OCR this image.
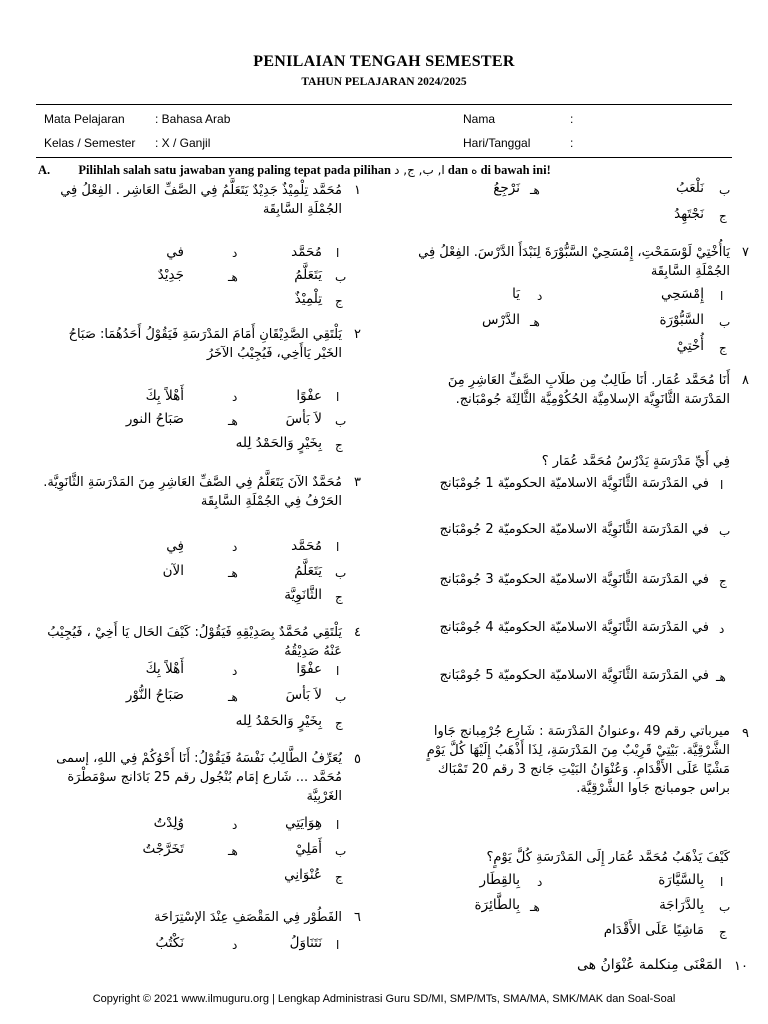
PENILAIAN TENGAH SEMESTER
TAHUN PELAJARAN 2024/2025
Mata Pelajaran	: Bahasa Arab
Kelas / Semester : X / Ganjil
Nama	:
Hari/Tanggal	:
A. Pilihlah salah satu jawaban yang paling tepat pada pilihan ا, ب, ج, د dan ه di bawah ini!
١
مُحَمَّد تِلْمِيْذٌ جَدِيْدٌ يَتَعَلَّمُ فِي الصَّفِّ العَاشِر . الفِعْلُ فِي الجُمْلَةِ السَّابِقَة
ا
مُحَمَّد
ب
يَتَعَلَّمُ
ج
تِلْمِيْذٌ
د
في
هـ
جَدِيْدٌ
٢
يَلْتَقِي الصَّدِيْقَانِ أَمَامَ المَدْرَسَةِ فَيَقُوْلُ أَحَدُهُمَا: صَبَاحُ الخَيْر يَاأَخِي، فَيُجِيْبُ الآخَرُ
ا
عفْوًا
ب
لاَ بَأسَ
ج
بِخَيْرٍ وَالحَمْدُ لِله
د
أَهْلاً بِكَ
هـ
صَبَاحُ النور
٣
مُحَمَّدٌ الآنَ يَتَعَلَّمُ فِي الصَّفِّ العَاشِرِ مِنَ المَدْرَسَةِ الثَّانَوِيَّة. الحَرْفُ فِي الجُمْلَةِ السَّابِقَة
ا
مُحَمَّد
ب
يَتَعَلَّمُ
ج
الثَّانَوِيَّة
د
فِي
هـ
الآن
٤
يَلْتَقِي مُحَمَّدٌ بِصَدِيْقِهِ فَيَقُوْلُ: كَيْفَ الحَال يَا أَخِيْ ، فَيُجِيْبُ عَنْهُ صَدِيْقُهُ
ا
عفْوًا
ب
لاَ بَأسَ
ج
بِخَيْرٍ وَالحَمْدُ لِله
د
أَهْلاً بِكَ
هـ
صَبَاحُ النُّوْر
٥
يُعَرِّفُ الطَّالِبُ نَفْسَهُ فَيَقُوْلُ: أَنَا أَحْوُكُمْ فِي اللهِ، إسمى مُحَمَّد ... شَارع إمَام بُنْجُول رقم 25 بَادَانج سوْمَطْرَة الغَرْبِيَّة
ا
هِوَايَتِي
ب
أَمَلِيْ
ج
عُنْوَانِي
د
وُلِدْتُ
هـ
تَخَرَّجْتُ
٦
الفَطُوْر فِي المَقْصَفِ عِنْدَ الإسْتِرَاحَة
ا
نَتَنَاوَلُ
د
نَكْتُبُ
ب
نَلْعَبُ
ج
نَجْتَهِدُ
هـ
نَرْجِعُ
٧
يَاأُخْتِيْ لَوْسَمَحْتِ، إِمْسَحِيْ السَّبُّوْرَةَ لِنَبْدَأَ الدَّرْسَ. الفِعْلُ فِي الجُمْلَةِ السَّابِقَة
ا
إِمْسَحِي
ب
السَّبُّوْرَة
ج
أُخْتِيْ
د
يَا
هـ
الدَّرْس
٨
أَنَا مُحَمَّد عُمَار. أنَا طَالِبٌ مِن طلَابِ الصَّفِّ العَاشِرِ مِنَ المَدْرَسَة الثَّانَوِيَّة الإسلامِيَّة الحُكُوْمِيَّة الثَّالِثَة جُومْبَانج.
فِي أَيِّ مَدْرَسَةٍ يَدْرُسُ مُحَمَّد عُمَار ؟
ا
في المَدْرَسَة الثَّانَوِيَّة الاسلاميّة الحكوميّة 1 جُومْبَانج
ب
في المَدْرَسَة الثَّانَوِيَّة الاسلاميّة الحكوميّة 2 جُومْبَانج
ج
في المَدْرَسَة الثَّانَوِيَّة الاسلاميّة الحكوميّة 3 جُومْبَانج
د
في المَدْرَسَة الثَّانَوِيَّة الاسلاميّة الحكوميّة 4 جُومْبَانج
هـ
في المَدْرَسَة الثَّانَوِيَّة الاسلاميّة الحكوميّة 5 جُومْبَانج
٩
ميرباتي رقم 49 ،وعنوانُ المَدْرَسَة : شَارِع جُرْمِبانج جَاوا الشَّرْقِيَّة. بَيْتِيْ قَرِيْبٌ مِنَ المَدْرَسَةِ، لِذَا أَذْهَبُ إِلَيْهَا كُلَّ يَوْمٍ مَشْيًا عَلَى الأَقْدَامِ. وَعُنْوَانُ البَيْتِ جَانج 3 رقم 20 تَمْبَاك براس جومبانج جَاوا الشَّرْقِيَّة.
كَيْفَ يَذْهَبُ مُحَمَّد عُمَار إِلَى المَدْرَسَةِ كُلَّ يَوْمٍ؟
ا
بِالسَّيَّارَة
ب
بِالدَّرَاجَة
ج
مَاشِيًا عَلَى الأَقْدَام
د
بِالقِطَار
هـ
بِالطَّائِرَة
١٠
المَعْنَى مِنكلمة عُنْوَانُ هى
Copyright © 2021 www.ilmuguru.org | Lengkap Administrasi Guru SD/MI, SMP/MTs, SMA/MA, SMK/MAK dan Soal-Soal
